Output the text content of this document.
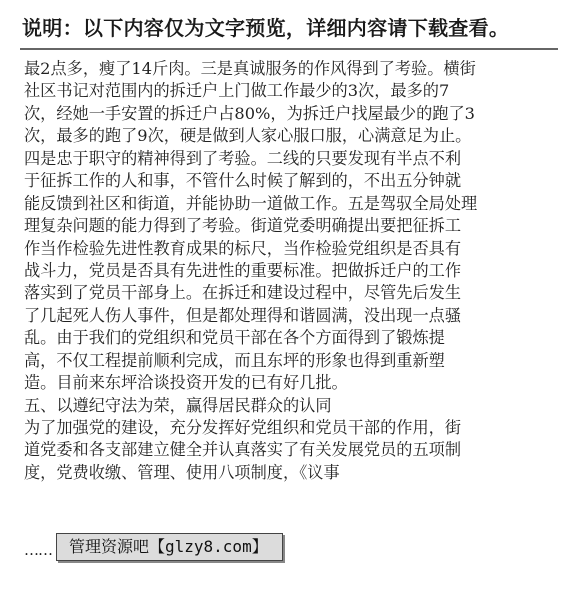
说明：以下内容仅为文字预览，详细内容请下载查看。
最2点多，瘦了14斤肉。三是真诚服务的作风得到了考验。横街
社区书记对范围内的拆迁户上门做工作最少的3次，最多的7
次，经她一手安置的拆迁户占80%，为拆迁户找屋最少的跑了3
次，最多的跑了9次，硬是做到人家心服口服，心满意足为止。
四是忠于职守的精神得到了考验。二线的只要发现有半点不利
于征拆工作的人和事，不管什么时候了解到的，不出五分钟就
能反馈到社区和街道，并能协助一道做工作。五是驾驭全局处理
理复杂问题的能力得到了考验。街道党委明确提出要把征拆工
作当作检验先进性教育成果的标尺，当作检验党组织是否具有
战斗力，党员是否具有先进性的重要标准。把做拆迁户的工作
落实到了党员干部身上。在拆迁和建设过程中，尽管先后发生
了几起死人伤人事件，但是都处理得和谐圆满，没出现一点骚
乱。由于我们的党组织和党员干部在各个方面得到了锻炼提
高，不仅工程提前顺利完成，而且东坪的形象也得到重新塑
造。目前来东坪洽谈投资开发的已有好几批。
五、以遵纪守法为荣，赢得居民群众的认同
为了加强党的建设，充分发挥好党组织和党员干部的作用，街
道党委和各支部建立健全并认真落实了有关发展党员的五项制
度，党费收缴、管理、使用八项制度，《议事
……	管理资源吧【glzy8.com】
